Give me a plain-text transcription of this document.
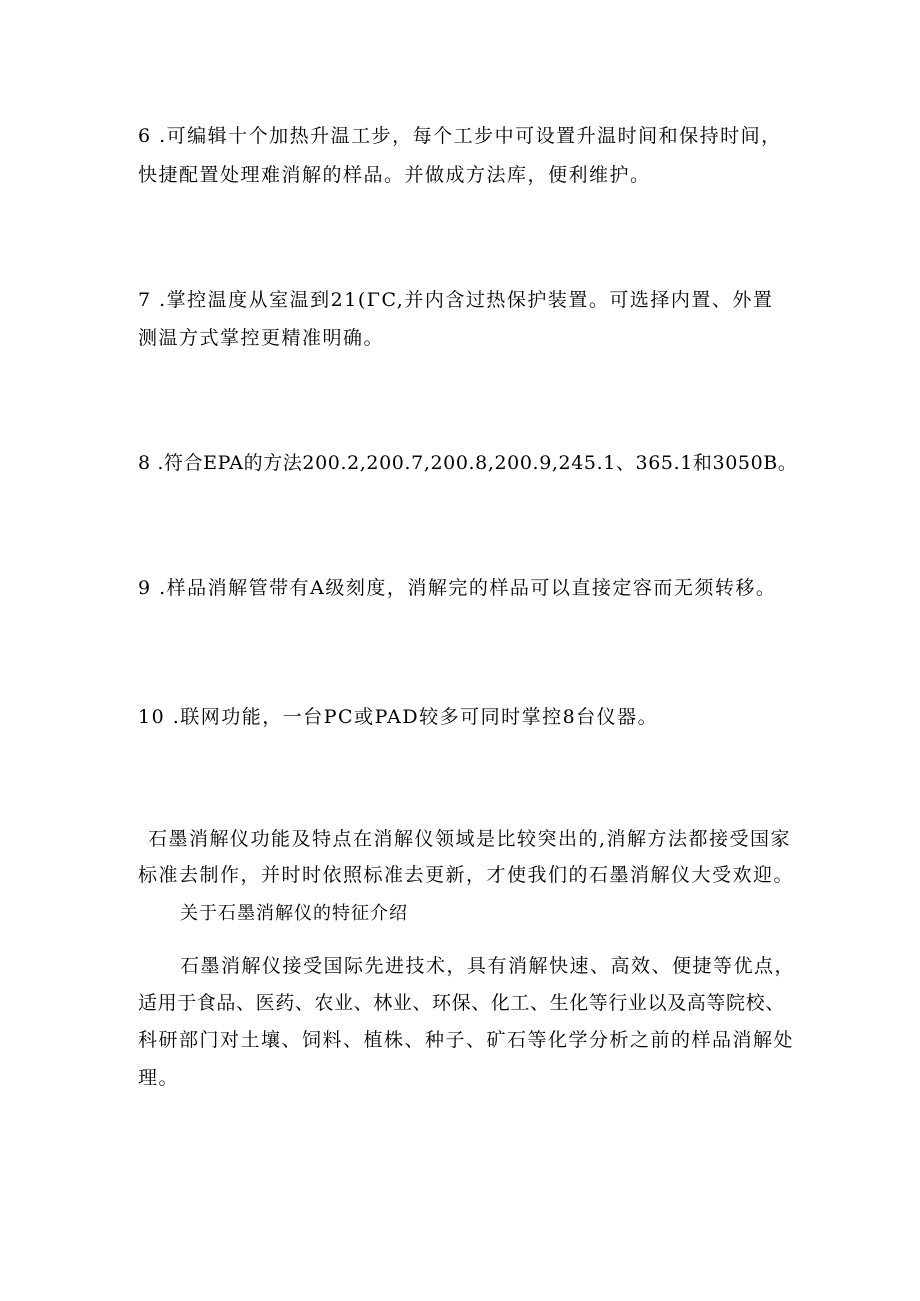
6 .可编辑十个加热升温工步，每个工步中可设置升温时间和保持时间，

快捷配置处理难消解的样品。并做成方法库，便利维护。

7 .掌控温度从室温到21(ΓC,并内含过热保护装置。可选择内置、外置

测温方式掌控更精准明确。

8 .符合EPA的方法200.2,200.7,200.8,200.9,245.1、365.1和3050B。

9 .样品消解管带有A级刻度，消解完的样品可以直接定容而无须转移。

10 .联网功能，一台PC或PAD较多可同时掌控8台仪器。

石墨消解仪功能及特点在消解仪领域是比较突出的,消解方法都接受国家

标准去制作，并时时依照标准去更新，才使我们的石墨消解仪大受欢迎。

关于石墨消解仪的特征介绍

石墨消解仪接受国际先进技术，具有消解快速、高效、便捷等优点，

适用于食品、医药、农业、林业、环保、化工、生化等行业以及高等院校、

科研部门对土壤、饲料、植株、种子、矿石等化学分析之前的样品消解处

理。
